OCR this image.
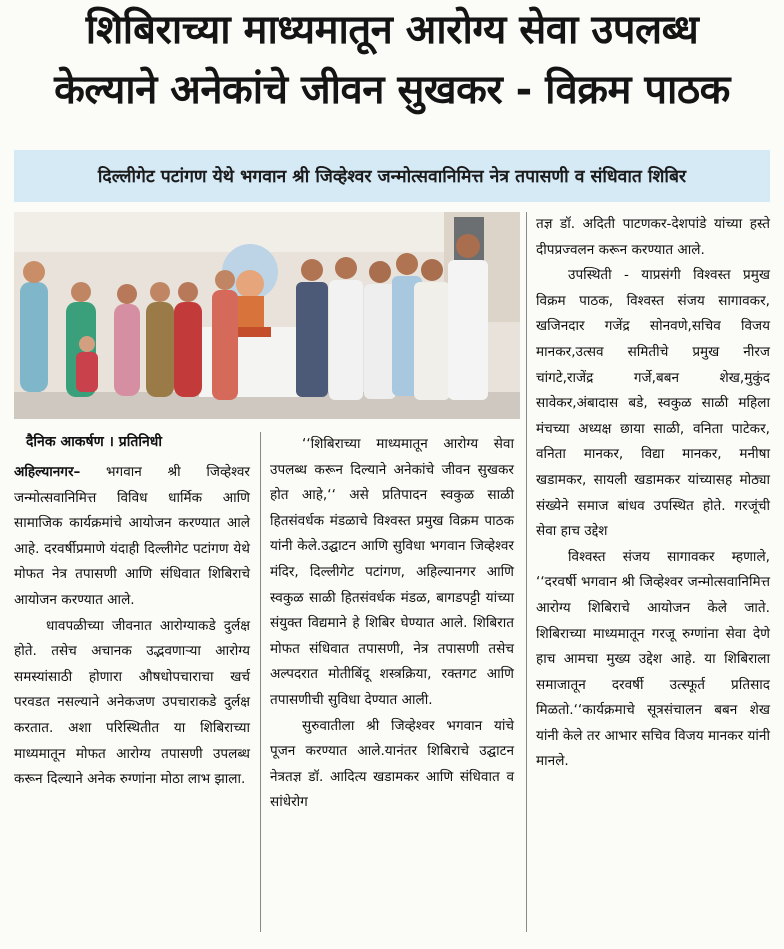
शिबिराच्या माध्यमातून आरोग्य सेवा उपलब्ध
केल्याने अनेकांचे जीवन सुखकर - विक्रम पाठक
दिल्लीगेट पटांगण येथे भगवान श्री जिव्हेश्‍वर जन्मोत्सवानिमित्त नेत्र तपासणी व संधिवात शिबिर
दैनिक आकर्षण । प्रतिनिधी

अहिल्यानगर– भगवान श्री जिव्हेश्‍वर जन्मोत्सवानिमित्त विविध धार्मिक आणि सामाजिक कार्यक्रमांचे आयोजन करण्यात आले आहे. दरवर्षीप्रमाणे यंदाही दिल्लीगेट पटांगण येथे मोफत नेत्र तपासणी आणि संधिवात शिबिराचे आयोजन करण्यात आले.

धावपळीच्या जीवनात आरोग्याकडे दुर्लक्ष होते. तसेच अचानक उद्भवणाऱ्या आरोग्य समस्यांसाठी होणारा औषधोपचाराचा खर्च परवडत नसल्याने अनेकजण उपचाराकडे दुर्लक्ष करतात. अशा परिस्थितीत या शिबिराच्या माध्यमातून मोफत आरोग्य तपासणी उपलब्ध करून दिल्याने अनेक रुग्णांना मोठा लाभ झाला.

‘‘शिबिराच्या माध्यमातून आरोग्य सेवा उपलब्ध करून दिल्याने अनेकांचे जीवन सुखकर होत आहे,‘‘ असे प्रतिपादन स्वकुळ साळी हितसंवर्धक मंडळाचे विश्‍वस्त प्रमुख विक्रम पाठक यांनी केले.उद्घाटन आणि सुविधा भगवान जिव्हेश्‍वर मंदिर, दिल्लीगेट पटांगण, अहिल्यानगर आणि स्वकुळ साळी हितसंवर्धक मंडळ, बागडपट्टी यांच्या संयुक्त विद्यमाने हे शिबिर घेण्यात आले. शिबिरात मोफत संधिवात तपासणी, नेत्र तपासणी तसेच अल्पदरात मोतीबिंदू शस्त्रक्रिया, रक्तगट आणि तपासणीची सुविधा देण्यात आली.

सुरुवातीला श्री जिव्हेश्‍वर भगवान यांचे पूजन करण्यात आले.यानंतर शिबिराचे उद्घाटन नेत्रतज्ञ डॉ. आदित्य खडामकर आणि संधिवात व सांधेरोग

तज्ञ डॉ. अदिती पाटणकर-देशपांडे यांच्या हस्ते दीपप्रज्वलन करून करण्यात आले.

उपस्थिती - याप्रसंगी विश्‍वस्त प्रमुख विक्रम पाठक, विश्‍वस्त संजय सागावकर, खजिनदार गजेंद्र सोनवणे,सचिव विजय मानकर,उत्सव समितीचे प्रमुख नीरज चांगटे,राजेंद्र गर्जे,बबन शेख,मुकुंद सावेकर,अंबादास बडे, स्वकुळ साळी महिला मंचच्या अध्यक्ष छाया साळी, वनिता पाटेकर, वनिता मानकर, विद्या मानकर, मनीषा खडामकर, सायली खडामकर यांच्यासह मोठ्या संख्येने समाज बांधव उपस्थित होते. गरजूंची सेवा हाच उद्देश

विश्‍वस्त संजय सागावकर म्हणाले, ‘‘दरवर्षी भगवान श्री जिव्हेश्‍वर जन्मोत्सवानिमित्त आरोग्य शिबिराचे आयोजन केले जाते. शिबिराच्या माध्यमातून गरजू रुग्णांना सेवा देणे हाच आमचा मुख्य उद्देश आहे. या शिबिराला समाजातून दरवर्षी उत्स्फूर्त प्रतिसाद मिळतो.‘‘कार्यक्रमाचे सूत्रसंचालन बबन शेख यांनी केले तर आभार सचिव विजय मानकर यांनी मानले.
